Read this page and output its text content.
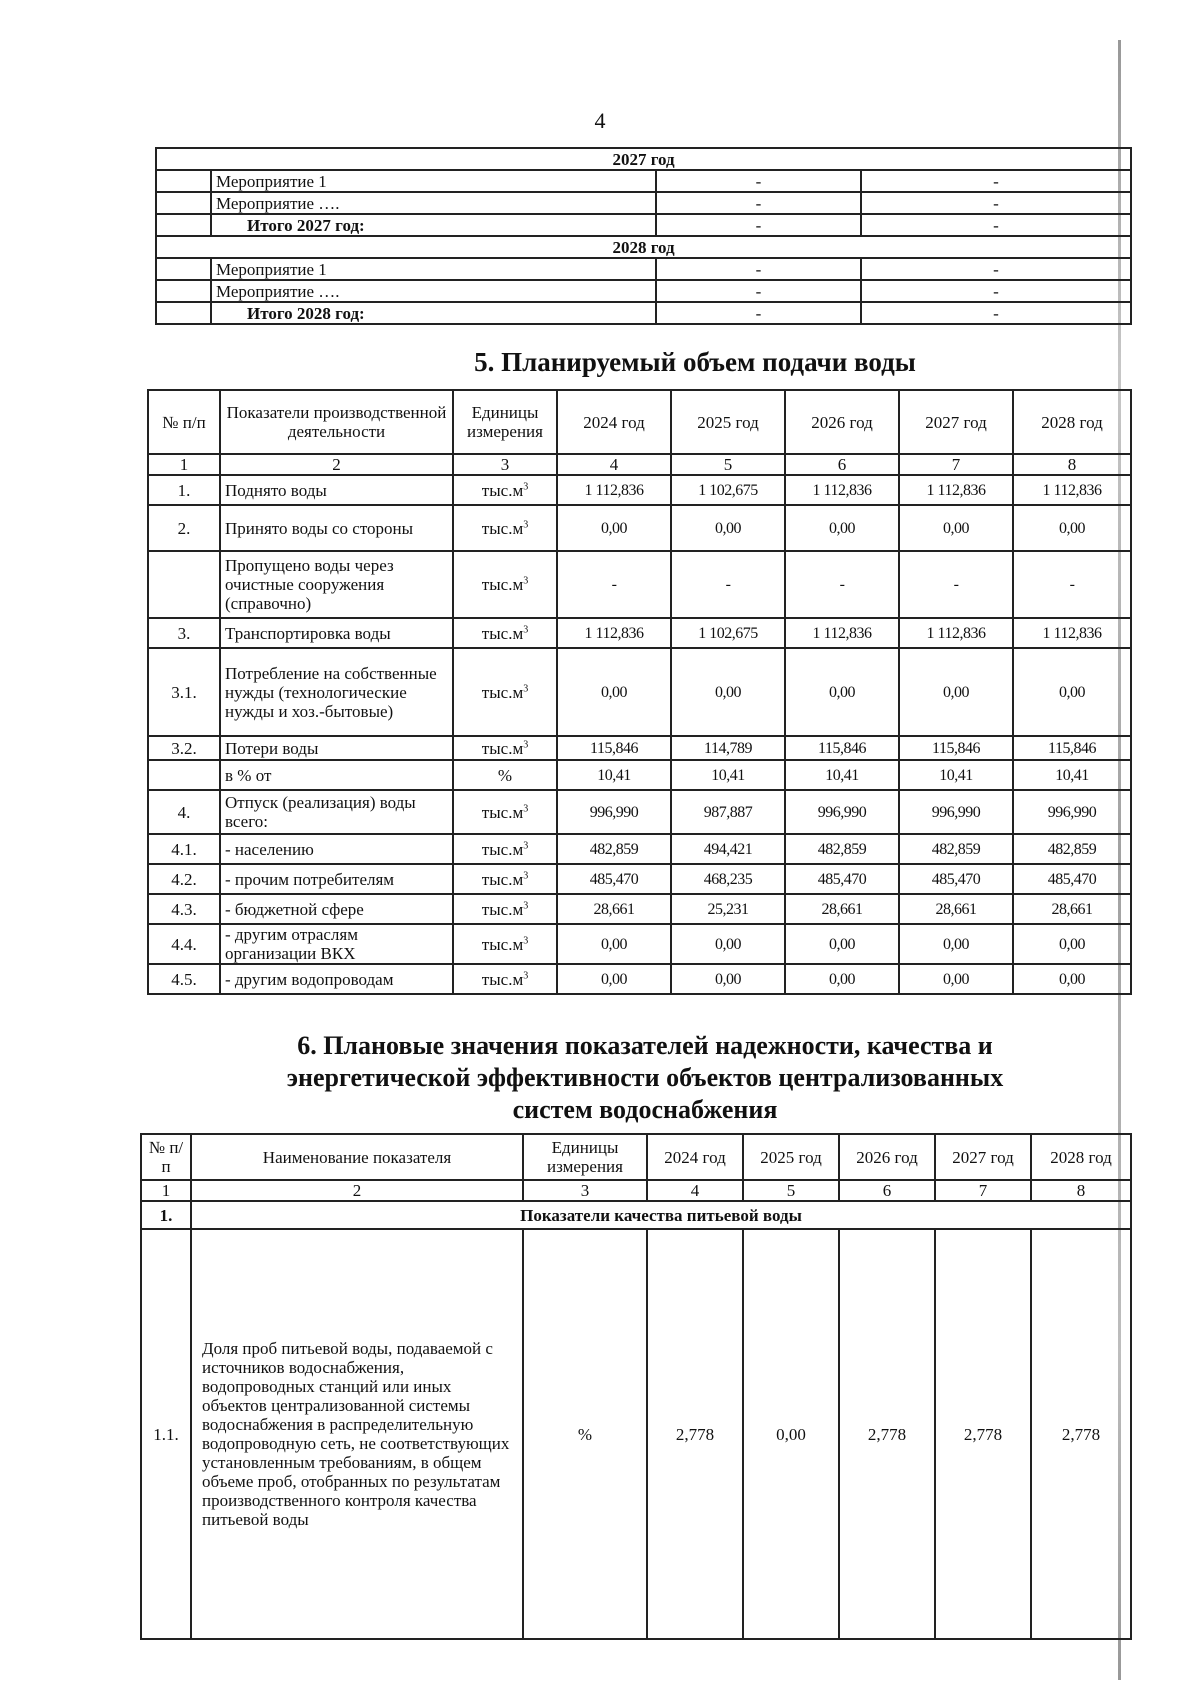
4
2027 год			
	Мероприятие 1	-	-
	Мероприятие ….	-	-
	Итого 2027 год:	-	-
2028 год			
	Мероприятие 1	-	-
	Мероприятие ….	-	-
	Итого 2028 год:	-	-
5. Планируемый объем подачи воды
№ п/п	Показатели производственной деятельности	Единицы измерения	2024 год	2025 год	2026 год	2027 год	2028 год
1	2	3	4	5	6	7	8
1.	Поднято воды	$тыс.м^3$	1 112,836	1 102,675	1 112,836	1 112,836	1 112,836
2.	Принято воды со стороны	$тыс.м^3$	0,00	0,00	0,00	0,00	0,00
	Пропущено воды через очистные сооружения (справочно)	$тыс.м^3$	-	-	-	-	-
3.	Транспортировка воды	$тыс.м^3$	1 112,836	1 102,675	1 112,836	1 112,836	1 112,836
3.1.	Потребление на собственные нужды (технологические нужды и хоз.-бытовые)	$тыс.м^3$	0,00	0,00	0,00	0,00	0,00
3.2.	Потери воды	$тыс.м^3$	115,846	114,789	115,846	115,846	115,846
	в % от	%	10,41	10,41	10,41	10,41	10,41
4.	Отпуск (реализация) воды всего:	$тыс.м^3$	996,990	987,887	996,990	996,990	996,990
4.1.	- населению	$тыс.м^3$	482,859	494,421	482,859	482,859	482,859
4.2.	- прочим потребителям	$тыс.м^3$	485,470	468,235	485,470	485,470	485,470
4.3.	- бюджетной сфере	$тыс.м^3$	28,661	25,231	28,661	28,661	28,661
4.4.	- другим отраслям организации ВКХ	$тыс.м^3$	0,00	0,00	0,00	0,00	0,00
4.5.	- другим водопроводам	$тыс.м^3$	0,00	0,00	0,00	0,00	0,00
6. Плановые значения показателей надежности, качества и энергетической эффективности объектов централизованных систем водоснабжения
№ п/п	Наименование показателя	Единицы измерения	2024 год	2025 год	2026 год	2027 год	2028 год
1	2	3	4	5	6	7	8
1.	Показатели качества питьевой воды						
1.1.	Доля проб питьевой воды, подаваемой с источников водоснабжения, водопроводных станций или иных объектов централизованной системы водоснабжения в распределительную водопроводную сеть, не соответствующих установленным требованиям, в общем объеме проб, отобранных по результатам производственного контроля качества питьевой воды	%	2,778	0,00	2,778	2,778	2,778
